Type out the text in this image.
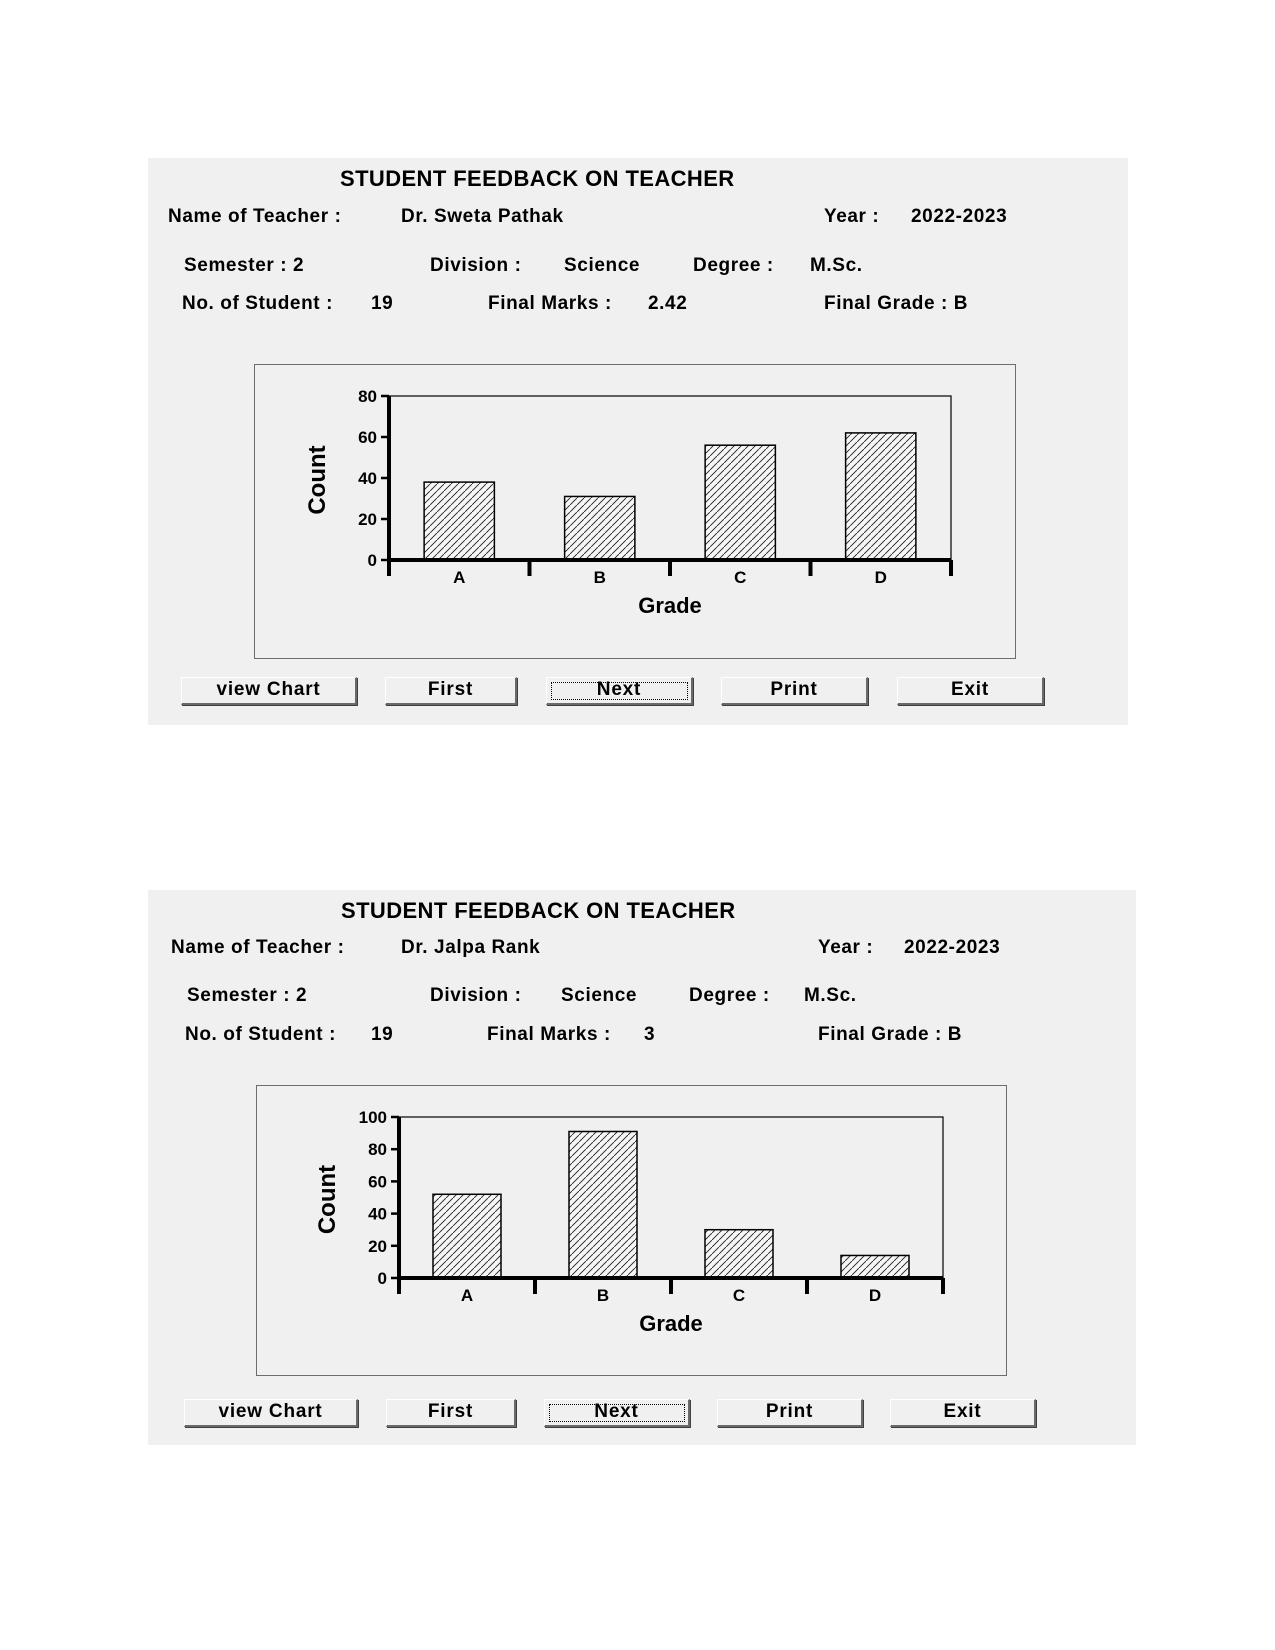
STUDENT FEEDBACK ON TEACHER
Name of Teacher :	Dr. Sweta Pathak	Year : 2022-2023
Semester : 2	Division : Science	Degree : M.Sc.
No. of Student : 19	Final Marks : 2.42	Final Grade : B
0
20
40
60
80
A	B	C	D
Grade
Count
view Chart	First	Next	Print	Exit
STUDENT FEEDBACK ON TEACHER
Name of Teacher :	Dr. Jalpa Rank	Year : 2022-2023
Semester : 2	Division : Science	Degree : M.Sc.
No. of Student : 19	Final Marks : 3	Final Grade : B
0
20
40
60
80
100
A	B	C	D
Grade
Count
view Chart	First	Next	Print	Exit
